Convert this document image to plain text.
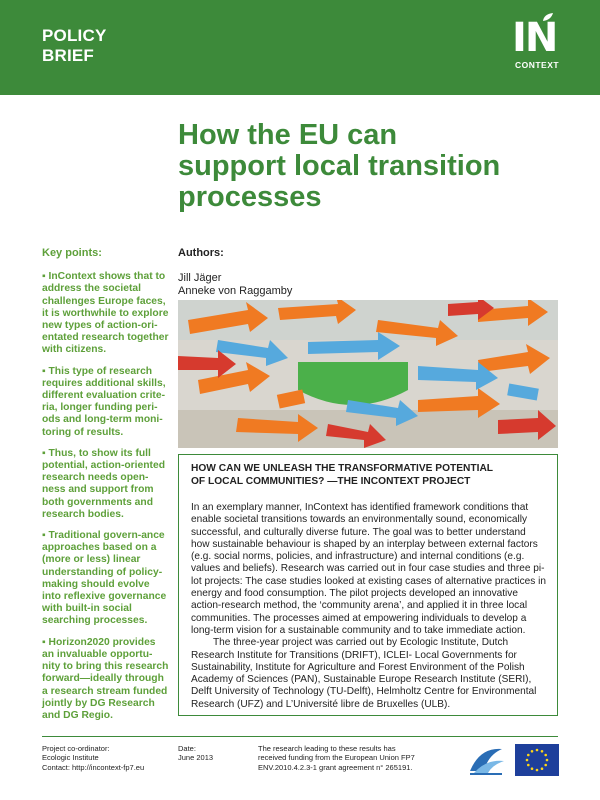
POLICY
BRIEF	IN
CONTEXT
How the EU can
support local transition
processes
Key points:
▪ InContext shows that to address the societal challenges Europe faces, it is worthwhile to explore new types of action-ori-entated research together with citizens.
▪ This type of research requires additional skills, different evaluation crite-ria, longer funding peri-ods and long-term moni-toring of results.
▪ Thus, to show its full potential, action-oriented research needs open-ness and support from both governments and research bodies.
▪ Traditional govern-ance approaches based on a (more or less) linear understanding of policy-making should evolve into reflexive governance with built-in social searching processes.
▪ Horizon2020 provides an invaluable opportu-nity to bring this research forward—ideally through a research stream funded jointly by DG Research and DG Regio.
Authors:
Jill Jäger
Anneke von Raggamby
HOW CAN WE UNLEASH THE TRANSFORMATIVE POTENTIAL
OF LOCAL COMMUNITIES? —THE INCONTEXT PROJECT

In an exemplary manner, InContext has identified framework conditions that enable societal transitions towards an environmentally sound, economically successful, and culturally diverse future. The goal was to better understand how sustainable behaviour is shaped by an interplay between external factors (e.g. social norms, policies, and infrastructure) and internal conditions (e.g. values and beliefs). Research was carried out in four case studies and three pi-lot projects: The case studies looked at existing cases of alternative practices in energy and food consumption. The pilot projects developed an innovative action-research method, the ‘community arena’, and applied it in three local communities. The processes aimed at empowering individuals to develop a long-term vision for a sustainable community and to take immediate action.

The three-year project was carried out by Ecologic Institute, Dutch Research Institute for Transitions (DRIFT), ICLEI- Local Governments for Sustainability, Institute for Agriculture and Forest Environment of the Polish Academy of Sciences (PAN), Sustainable Europe Research Institute (SERI), Delft University of Technology (TU-Delft), Helmholtz Centre for Environmental Research (UFZ) and L’Université libre de Bruxelles (ULB).

Project co-ordinator:
Ecologic Institute
Contact: http://incontext-fp7.eu
Date:
June 2013
The research leading to these results has
received funding from the European Union FP7
ENV.2010.4.2.3-1 grant agreement n° 265191.
